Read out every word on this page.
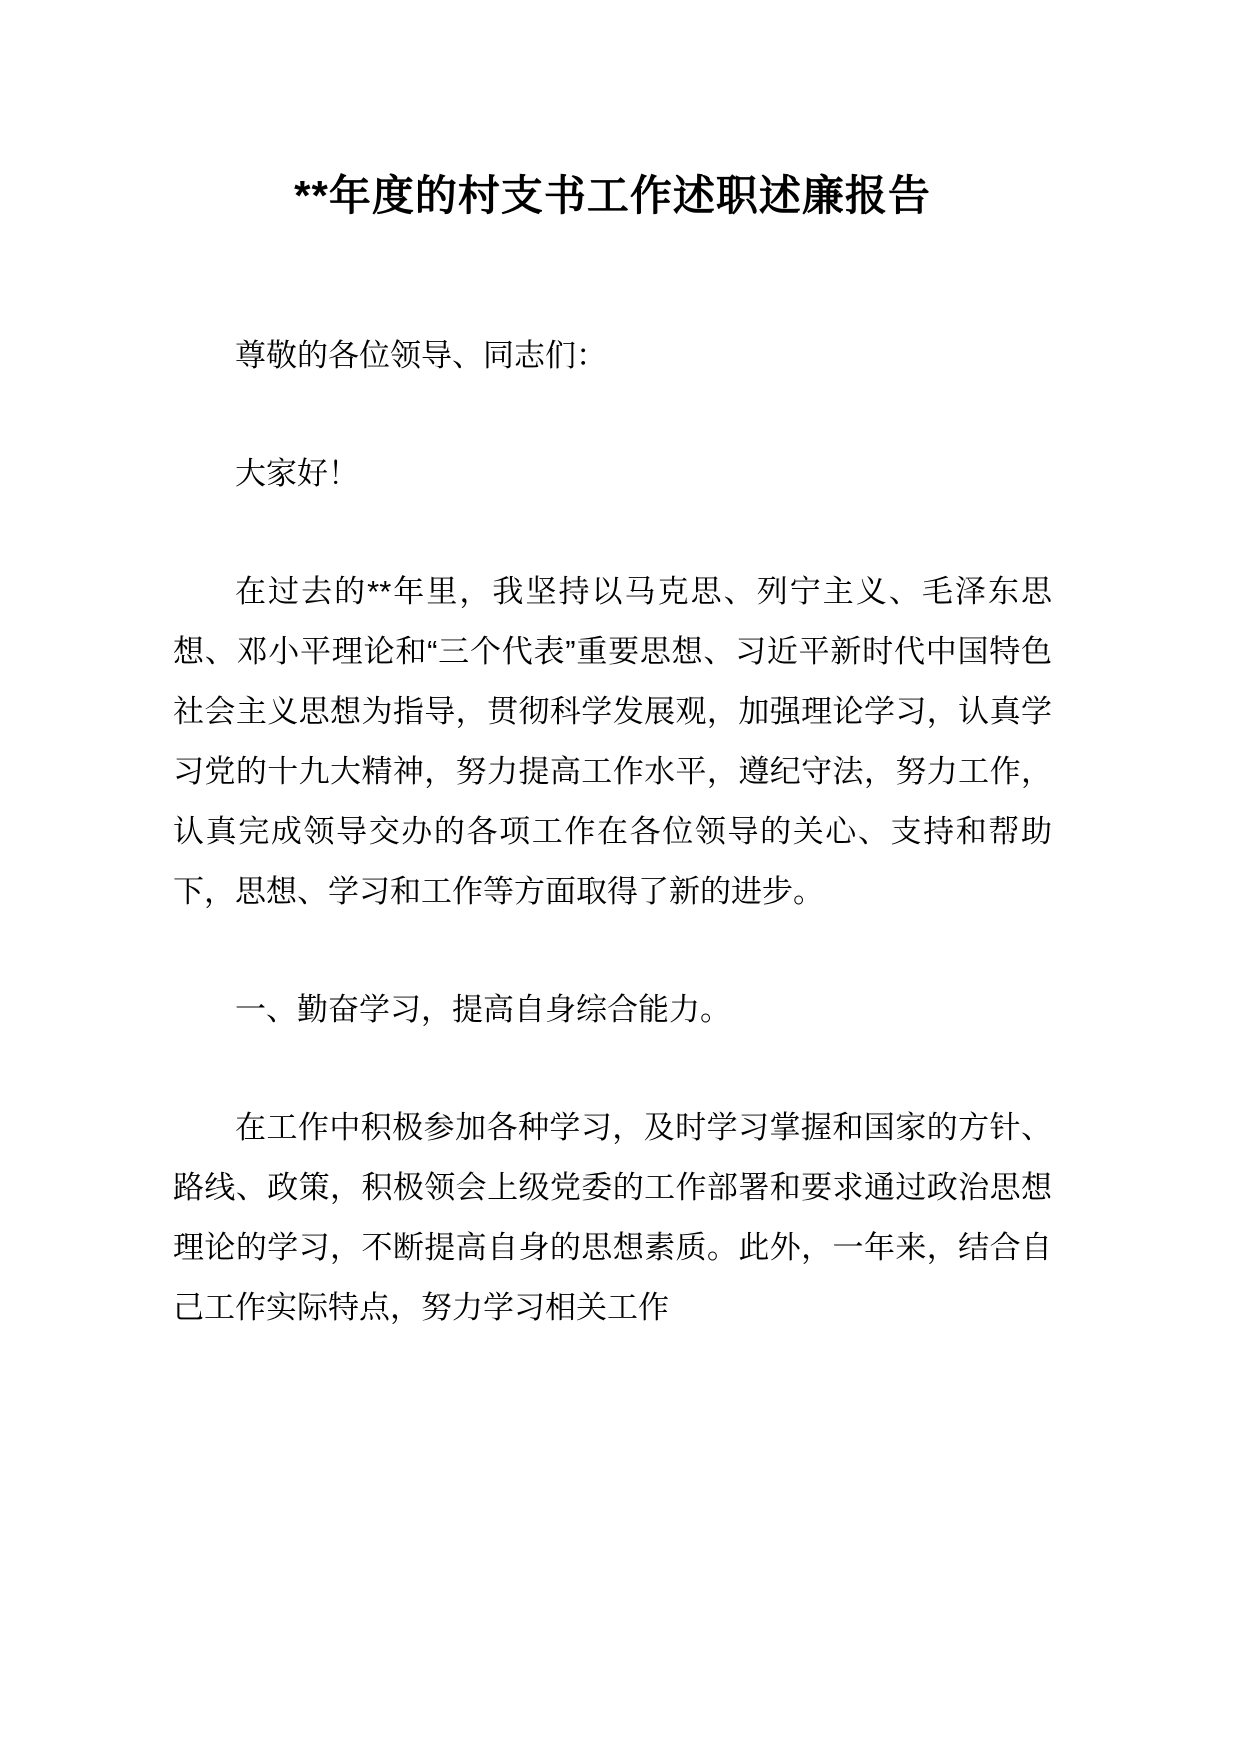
**年度的村支书工作述职述廉报告

尊敬的各位领导、同志们：

大家好！

在过去的**年里，我坚持以马克思、列宁主义、毛泽东思想、邓小平理论和“三个代表”重要思想、习近平新时代中国特色社会主义思想为指导，贯彻科学发展观，加强理论学习，认真学习党的十九大精神，努力提高工作水平，遵纪守法，努力工作，认真完成领导交办的各项工作在各位领导的关心、支持和帮助下，思想、学习和工作等方面取得了新的进步。

一、勤奋学习，提高自身综合能力。

在工作中积极参加各种学习，及时学习掌握和国家的方针、路线、政策，积极领会上级党委的工作部署和要求通过政治思想理论的学习，不断提高自身的思想素质。此外，一年来，结合自己工作实际特点，努力学习相关工作
